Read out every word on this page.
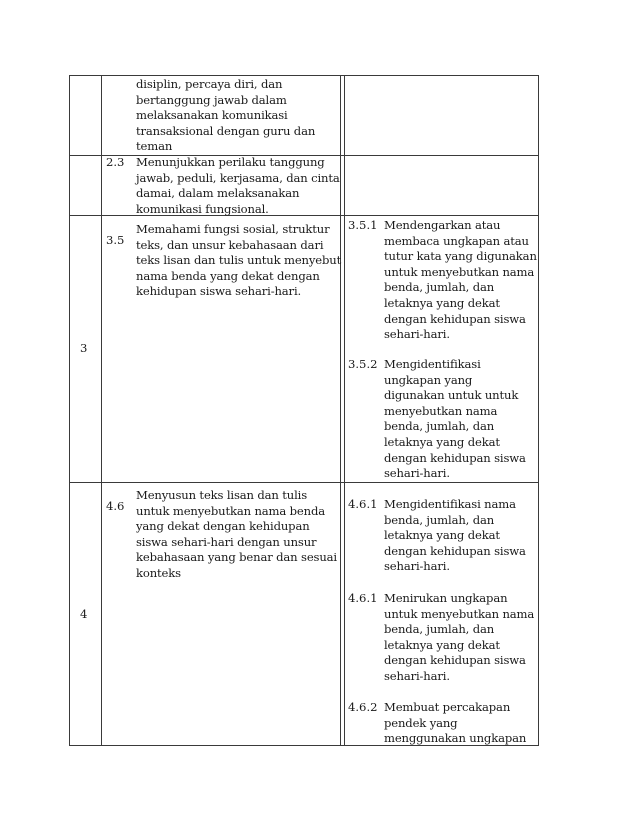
disiplin, percaya diri, dan
bertanggung jawab dalam
melaksanakan komunikasi
transaksional dengan guru dan
teman
2.3 Menunjukkan perilaku tanggung
jawab, peduli, kerjasama, dan cinta
damai, dalam melaksanakan
komunikasi fungsional.
3
3.5
Memahami fungsi sosial, struktur
teks, dan unsur kebahasaan dari
teks lisan dan tulis untuk menyebut
nama benda yang dekat dengan
kehidupan siswa sehari-hari.
3.5.1 Mendengarkan atau
membaca ungkapan atau
tutur kata yang digunakan
untuk menyebutkan nama
benda, jumlah, dan
letaknya yang dekat
dengan kehidupan siswa
sehari-hari.
3.5.2 Mengidentifikasi
ungkapan yang
digunakan untuk untuk
menyebutkan nama
benda, jumlah, dan
letaknya yang dekat
dengan kehidupan siswa
sehari-hari.
4
4.6
Menyusun teks lisan dan tulis
untuk menyebutkan nama benda
yang dekat dengan kehidupan
siswa sehari-hari dengan unsur
kebahasaan yang benar dan sesuai
konteks
4.6.1 Mengidentifikasi nama
benda, jumlah, dan
letaknya yang dekat
dengan kehidupan siswa
sehari-hari.
4.6.1 Menirukan ungkapan
untuk menyebutkan nama
benda, jumlah, dan
letaknya yang dekat
dengan kehidupan siswa
sehari-hari.
4.6.2 Membuat percakapan
pendek yang
menggunakan ungkapan
